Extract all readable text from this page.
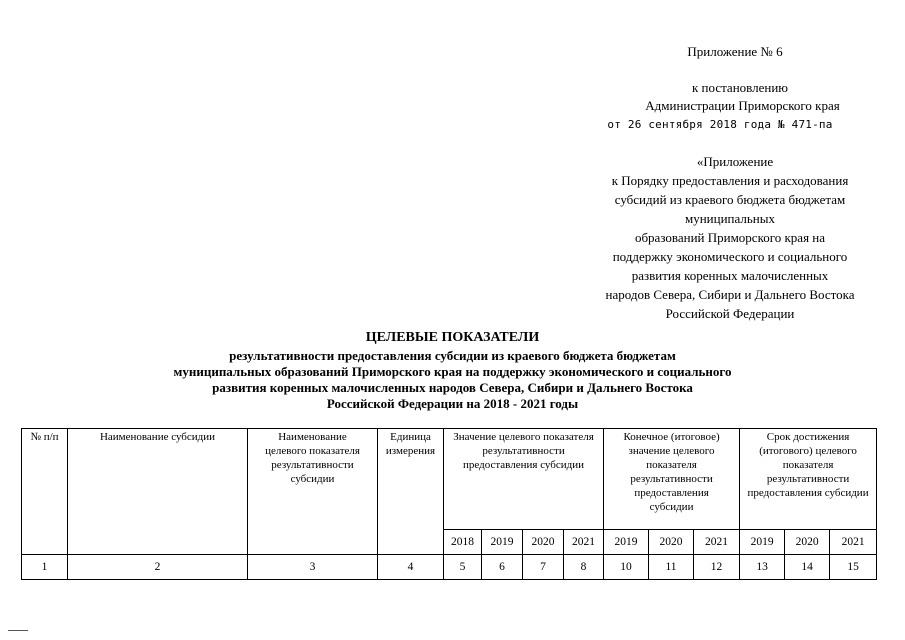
Приложение № 6
к постановлению
Администрации Приморского края
от 26 сентября 2018 года № 471-па
«Приложение
к Порядку предоставления и расходования
субсидий из краевого бюджета бюджетам
муниципальных
образований Приморского края на
поддержку экономического и социального
развития коренных малочисленных
народов Севера, Сибири и Дальнего Востока
Российской Федерации
ЦЕЛЕВЫЕ ПОКАЗАТЕЛИ
результативности предоставления субсидии из краевого бюджета бюджетам
муниципальных образований Приморского края на поддержку экономического и социального
развития коренных малочисленных народов Севера, Сибири и Дальнего Востока
Российской Федерации на 2018 - 2021 годы
№ п/п	Наименование субсидии	Наименование целевого показателя результативности субсидии	Единица измерения	Значение целевого показателя результативности предоставления субсидии				Конечное (итоговое) значение целевого показателя результативности предоставления субсидии			Срок достижения (итогового) целевого показателя результативности предоставления субсидии		
				2018	2019	2020	2021	2019	2020	2021	2019	2020	2021
1	2	3	4	5	6	7	8	10	11	12	13	14	15
